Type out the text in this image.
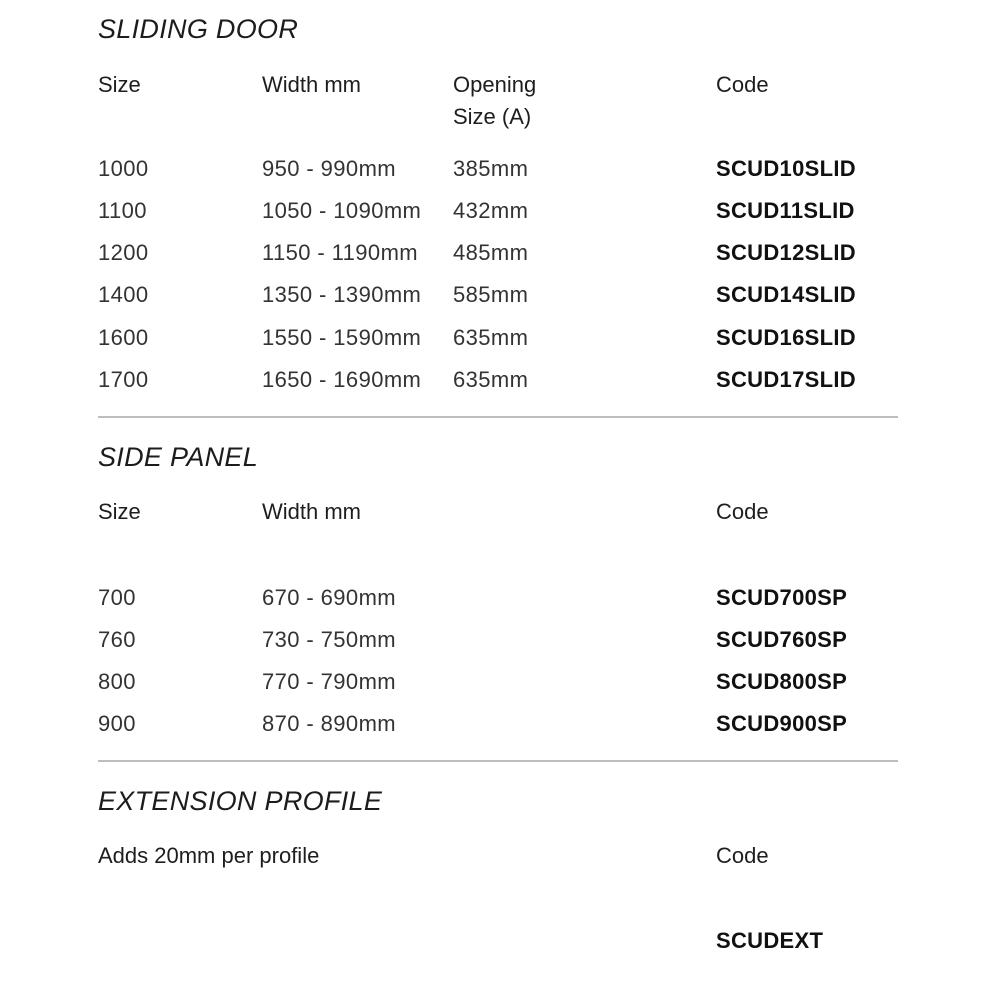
SLIDING DOOR
Size	Width mm	Opening
Size (A)
Code
1000	950 - 990mm	385mm	SCUD10SLID
1100	1050 - 1090mm 432mm	SCUD11SLID
1200	1150 - 1190mm 485mm	SCUD12SLID
1400	1350 - 1390mm 585mm	SCUD14SLID
1600	1550 - 1590mm 635mm	SCUD16SLID
1700	1650 - 1690mm 635mm	SCUD17SLID
SIDE PANEL
Size	Width mm	Code
700	670 - 690mm	SCUD700SP
760	730 - 750mm	SCUD760SP
800	770 - 790mm	SCUD800SP
900	870 - 890mm	SCUD900SP
EXTENSION PROFILE
Adds 20mm per profile	Code
SCUDEXT
